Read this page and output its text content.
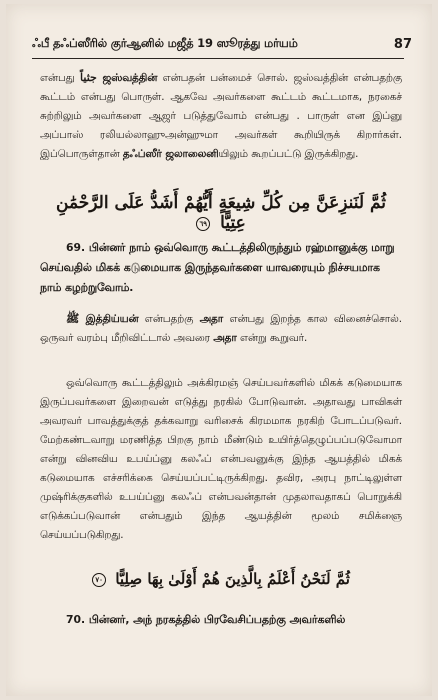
ஃபீ தஃப்ஸீரில் குர்ஆனில் மஜீத் 19 ஸூரத்து மர்யம்	87

என்பது جثياً ஜஸ்வத்தின் என்பதன் பன்மைச் சொல். ஜஸ்வத்தின் என்பதற்கு கூட்டம் என்பது பொருள். ஆகவே அவர்களை கூட்டம் கூட்டமாக, நரகைச் சுற்றிலும் அவர்களை ஆஜர் படுத்துவோம் என்பது . பாருள் என இப்னு அப்பாஸ் ரலியல்லாஹுஅன்ஹுமா அவர்கள் கூறியிருக் கிறார்கள். இப்பொருள்தான் தஃப்ஸீர் ஜலாலைனியிலும் கூறப்பட்டு இருக்கிறது.

ثُمَّ لَنَنزِعَنَّ مِن كُلِّ شِيعَةٍ أَيُّهُمْ أَشَدُّ عَلَى الرَّحْمَٰنِ عِتِيًّا ٦٩

69. பின்னர் நாம் ஒவ்வொரு கூட்டத்திலிருந்தும் ரஹ்மானுக்கு மாறு செய்வதில் மிகக் கடுமையாக இருந்தவர்களை யாவரையும் நிச்சயமாக நாம் கழற்றுவோம்.

ﷺ இத்திய்யன் என்பதற்கு அதா என்பது இறந்த கால வினைச்சொல். ஒருவர் வரம்பு மீறிவிட்டால் அவரை அதா என்று கூறுவர்.

ஒவ்வொரு கூட்டத்திலும் அக்கிரமஞ் செய்பவர்களில் மிகக் கடுமையாக இருப்பவர்களை இறைவன் எடுத்து நரகில் போடுவான். அதாவது பாவிகள் அவரவர் பாவத்துக்குத் தக்கவாறு வரிசைக் கிரமமாக நரகிற் போடப்படுவர். மேற்கண்டவாறு மரணித்த பிறகு நாம் மீண்டும் உயிர்த்தெழுப்பப்படுவோமா என்று வினவிய உபய்ப்னு கலஃப் என்பவனுக்கு இந்த ஆயத்தில் மிகக் கடுமையாக எச்சரிக்கை செய்யப்பட்டிருக்கிறது. தவிர, அரபு நாட்டிலுள்ள முஷ்ரிக்குகளில் உபய்ப்னு கலஃப் என்பவன்தான் முதலாவதாகப் பொறுக்கி எடுக்கப்படுவான் என்பதும் இந்த ஆயத்தின் மூலம் சமிக்ஞை செய்யப்படுகிறது.

ثُمَّ لَنَحْنُ أَعْلَمُ بِالَّذِينَ هُمْ أَوْلَىٰ بِهَا صِلِيًّا ٧٠

70. பின்னர், அந் நரகத்தில் பிரவேசிப்பதற்கு அவர்களில்
